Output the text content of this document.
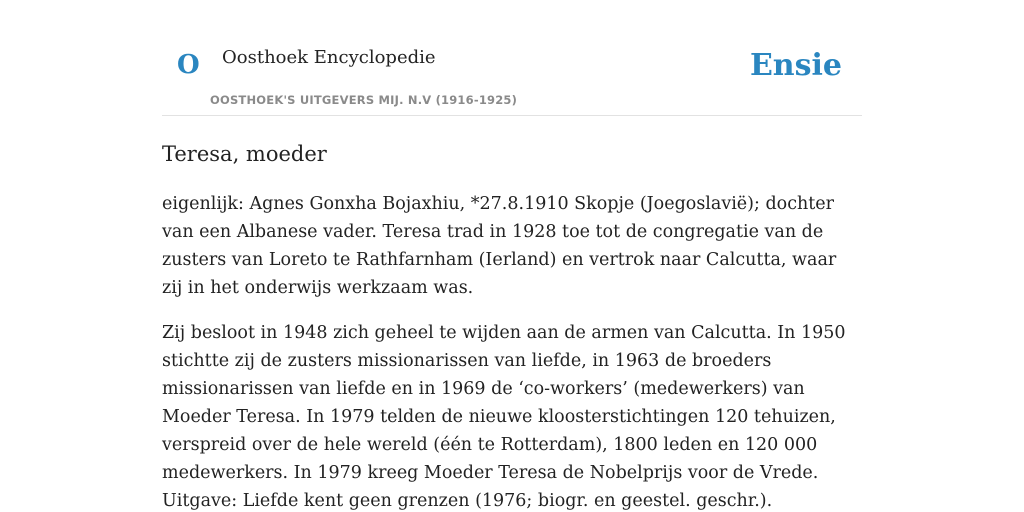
O Oosthoek Encyclopedie
OOSTHOEK'S UITGEVERS MIJ. N.V (1916-1925)
Ensie
Teresa, moeder

eigenlijk: Agnes Gonxha Bojaxhiu, *27.8.1910 Skopje (Joegoslavië); dochter van een Albanese vader. Teresa trad in 1928 toe tot de congregatie van de zusters van Loreto te Rathfarnham (Ierland) en vertrok naar Calcutta, waar zij in het onderwijs werkzaam was.

Zij besloot in 1948 zich geheel te wijden aan de armen van Calcutta. In 1950 stichtte zij de zusters missionarissen van liefde, in 1963 de broeders missionarissen van liefde en in 1969 de ‘co-workers’ (medewerkers) van Moeder Teresa. In 1979 telden de nieuwe kloosterstichtingen 120 tehuizen, verspreid over de hele wereld (één te Rotterdam), 1800 leden en 120 000 medewerkers. In 1979 kreeg Moeder Teresa de Nobelprijs voor de Vrede. Uitgave: Liefde kent geen grenzen (1976; biogr. en geestel. geschr.).
